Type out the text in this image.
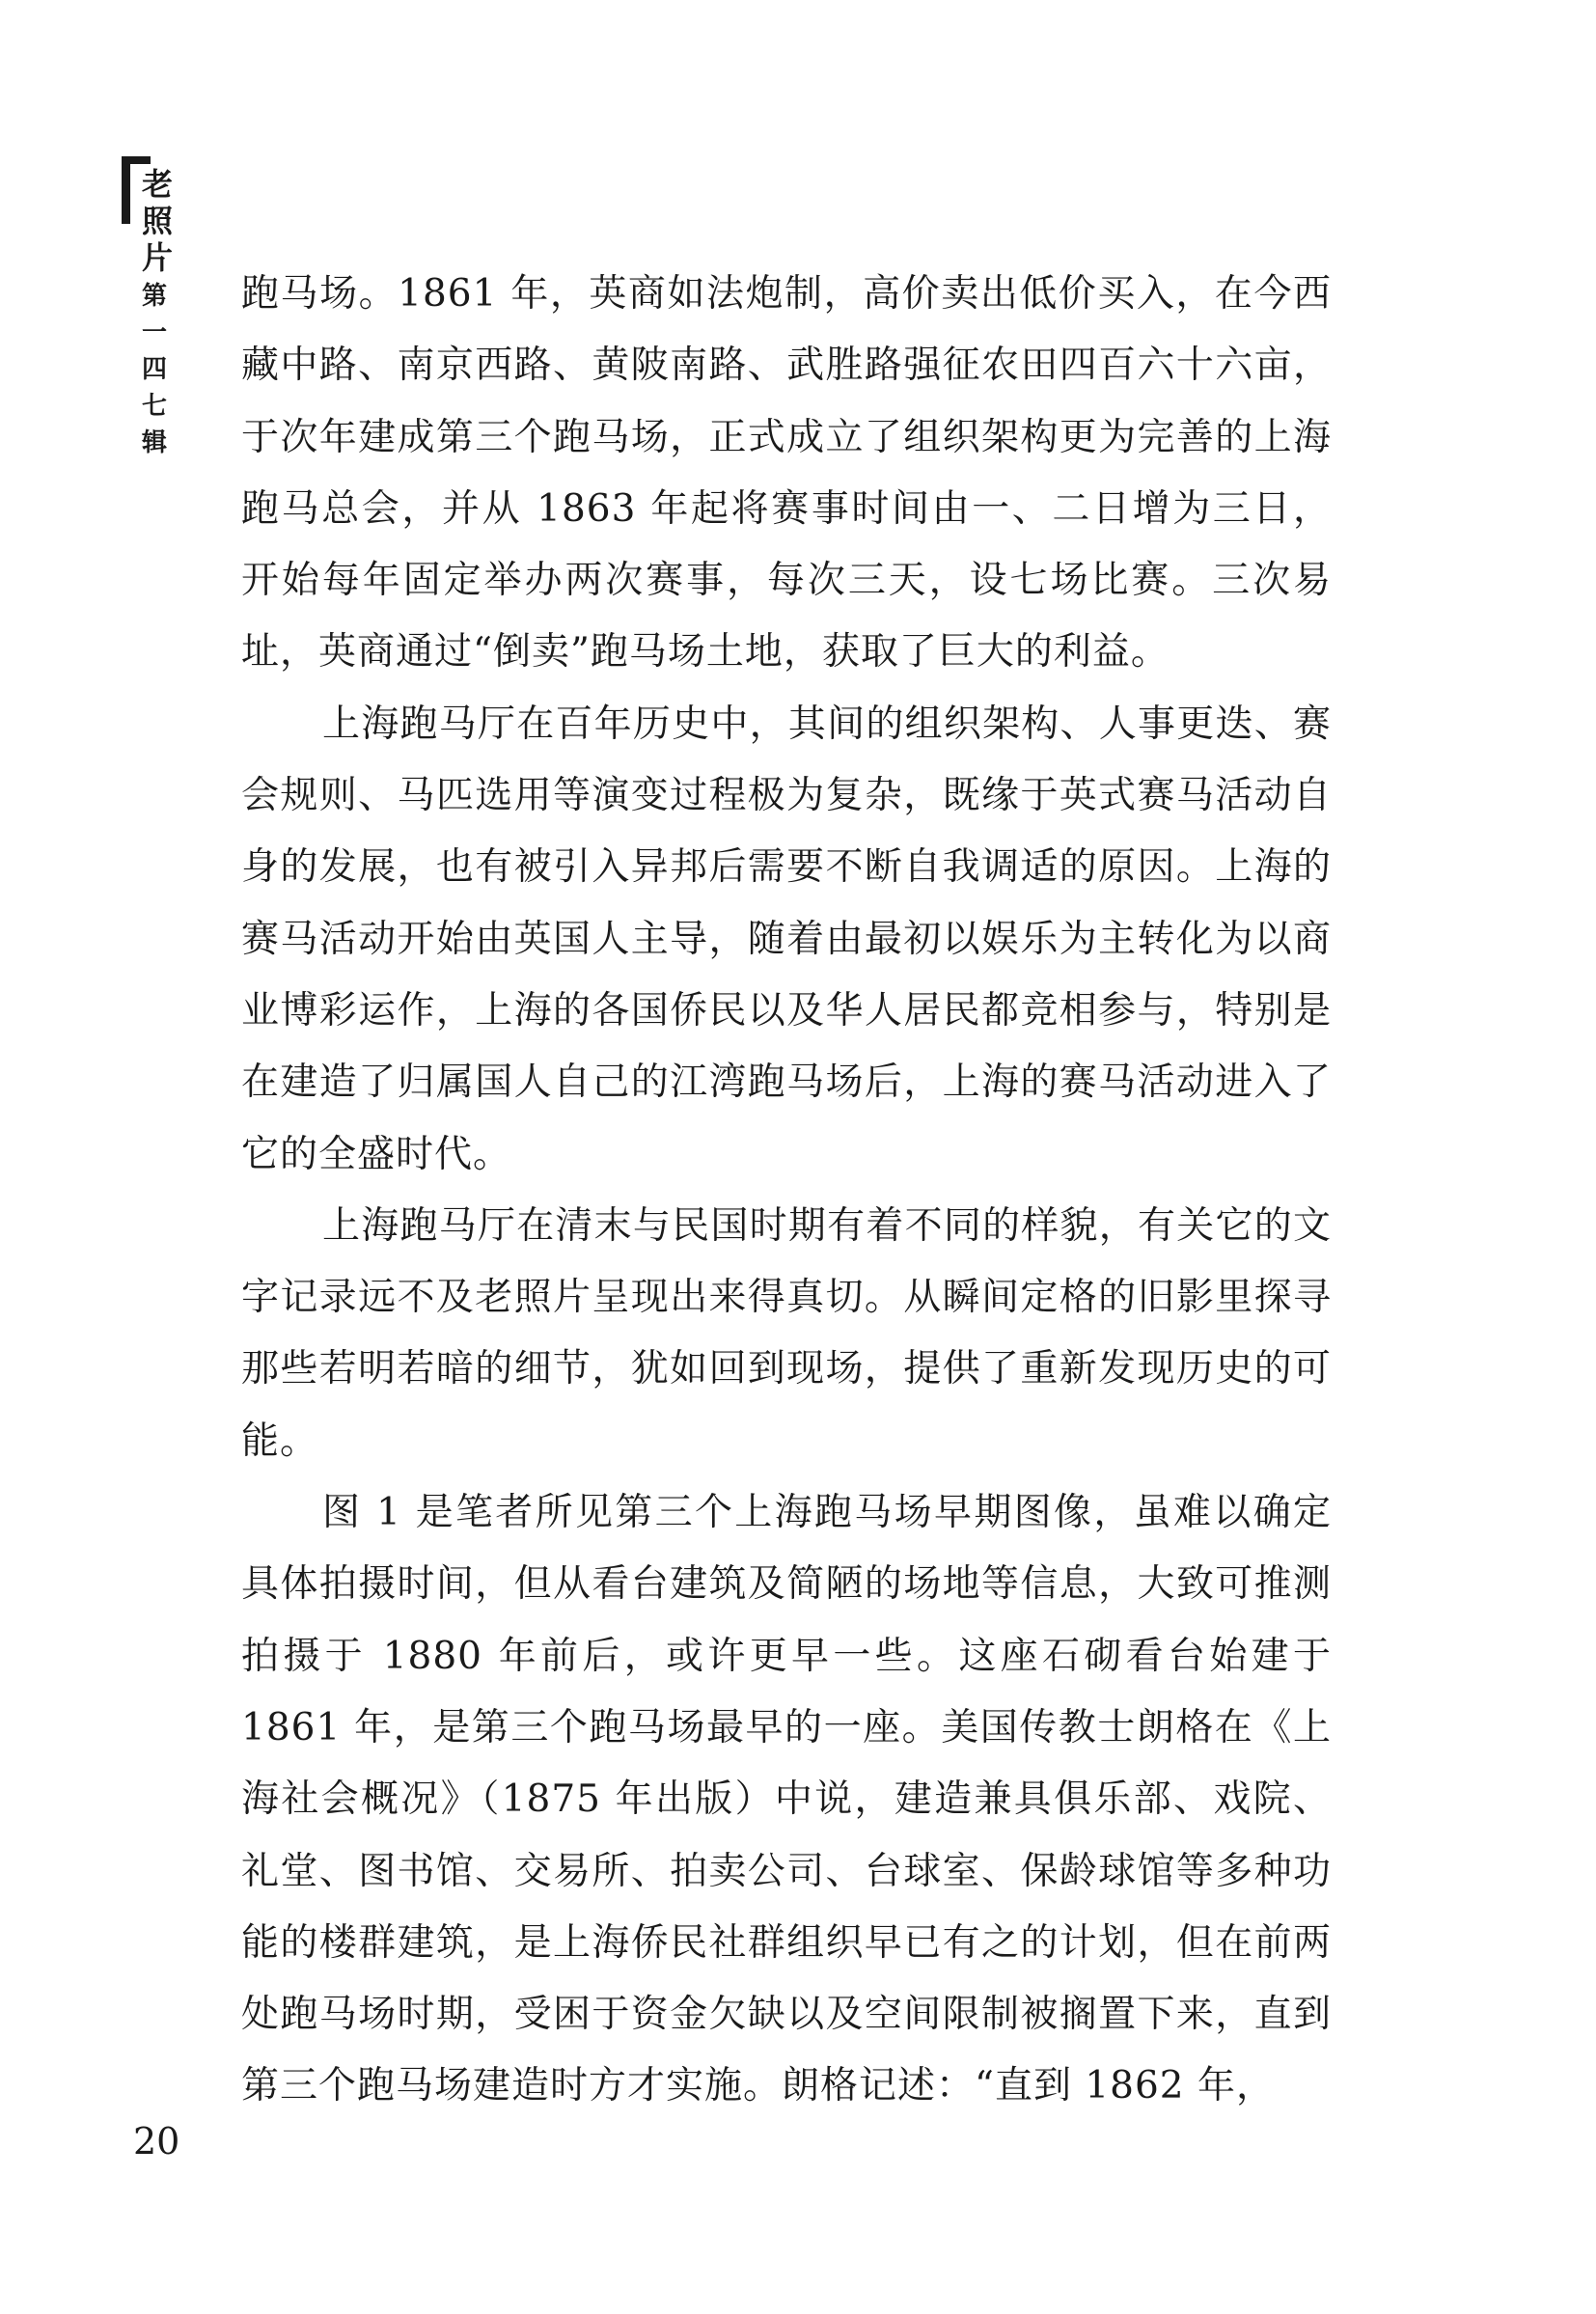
老照片
第一四七辑

跑马场。1861 年，英商如法炮制，高价卖出低价买入，在今西藏中路、南京西路、黄陂南路、武胜路强征农田四百六十六亩，于次年建成第三个跑马场，正式成立了组织架构更为完善的上海跑马总会，并从 1863 年起将赛事时间由一、二日增为三日，开始每年固定举办两次赛事，每次三天，设七场比赛。三次易址，英商通过“倒卖”跑马场土地，获取了巨大的利益。

上海跑马厅在百年历史中，其间的组织架构、人事更迭、赛会规则、马匹选用等演变过程极为复杂，既缘于英式赛马活动自身的发展，也有被引入异邦后需要不断自我调适的原因。上海的赛马活动开始由英国人主导，随着由最初以娱乐为主转化为以商业博彩运作，上海的各国侨民以及华人居民都竞相参与，特别是在建造了归属国人自己的江湾跑马场后，上海的赛马活动进入了它的全盛时代。

上海跑马厅在清末与民国时期有着不同的样貌，有关它的文字记录远不及老照片呈现出来得真切。从瞬间定格的旧影里探寻那些若明若暗的细节，犹如回到现场，提供了重新发现历史的可能。

图 1 是笔者所见第三个上海跑马场早期图像，虽难以确定具体拍摄时间，但从看台建筑及简陋的场地等信息，大致可推测拍摄于 1880 年前后，或许更早一些。这座石砌看台始建于 1861 年，是第三个跑马场最早的一座。美国传教士朗格在《上海社会概况》（1875 年出版）中说，建造兼具俱乐部、戏院、礼堂、图书馆、交易所、拍卖公司、台球室、保龄球馆等多种功能的楼群建筑，是上海侨民社群组织早已有之的计划，但在前两处跑马场时期，受困于资金欠缺以及空间限制被搁置下来，直到第三个跑马场建造时方才实施。朗格记述：“直到 1862 年，

20
